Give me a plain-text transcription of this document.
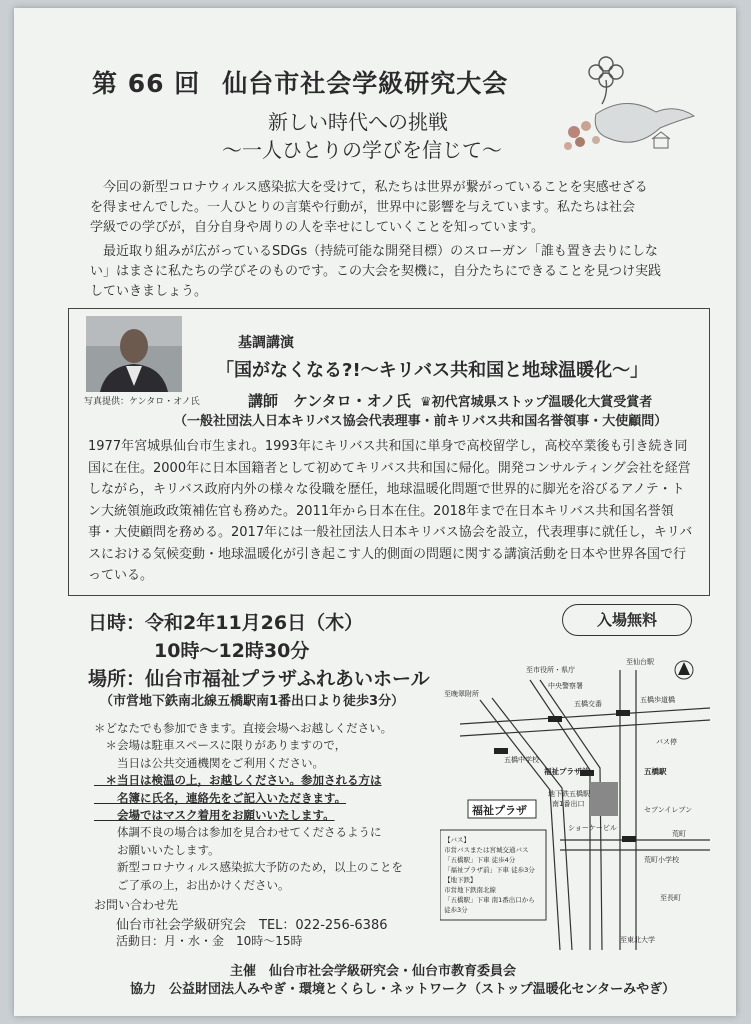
第 66 回 仙台市社会学級研究大会
新しい時代への挑戦
～一人ひとりの学びを信じて～
　今回の新型コロナウィルス感染拡大を受けて，私たちは世界が繋がっていることを実感せざる
を得ませんでした。一人ひとりの言葉や行動が，世界中に影響を与えています。私たちは社会
学級での学びが，自分自身や周りの人を幸せにしていくことを知っています。
　最近取り組みが広がっているSDGs（持続可能な開発目標）のスローガン「誰も置き去りにしな
い」はまさに私たちの学びそのものです。この大会を契機に，自分たちにできることを見つけ実践
していきましょう。
写真提供：ケンタロ・オノ氏
基調講演
「国がなくなる?!～キリバス共和国と地球温暖化～」
講師　ケンタロ・オノ氏 ♛初代宮城県ストップ温暖化大賞受賞者
（一般社団法人日本キリバス協会代表理事・前キリバス共和国名誉領事・大使顧問）
1977年宮城県仙台市生まれ。1993年にキリバス共和国に単身で高校留学し，高校卒業後も引き続き同国に在住。2000年に日本国籍者として初めてキリバス共和国に帰化。開発コンサルティング会社を経営しながら，キリバス政府内外の様々な役職を歴任，地球温暖化問題で世界的に脚光を浴びるアノテ・トン大統領施政政策補佐官も務めた。2011年から日本在住。2018年まで在日本キリバス共和国名誉領事・大使顧問を務める。2017年には一般社団法人日本キリバス協会を設立，代表理事に就任し，キリバスにおける気候変動・地球温暖化が引き起こす人的側面の問題に関する講演活動を日本や世界各国で行っている。
日時：令和2年11月26日（木）
10時～12時30分
場所：仙台市福祉プラザふれあいホール
（市営地下鉄南北線五橋駅南1番出口より徒歩3分）
入場無料
＊どなたでも参加できます。直接会場へお越しください。
　＊会場は駐車スペースに限りがありますので，
　　当日は公共交通機関をご利用ください。
　＊当日は検温の上，お越しください。参加される方は
　　名簿に氏名，連絡先をご記入いただきます。
　　会場ではマスク着用をお願いいたします。
　　体調不良の場合は参加を見合わせてくださるように
　　お願いいたします。
　　新型コロナウィルス感染拡大予防のため，以上のことを
　　ご了承の上，お出かけください。
お問い合わせ先
仙台市社会学級研究会　TEL：022-256-6386
活動日：月・水・金　10時～15時
主催　仙台市社会学級研究会・仙台市教育委員会
協力　公益財団法人みやぎ・環境とくらし・ネットワーク（ストップ温暖化センターみやぎ）
福祉プラザ
至仙台駅
至市役所・県庁
中央警察署
至晚翠附所
五橋交番	五橋歩道橋
五橋中学校
バス停
福祉プラザ前	五橋駅
地下鉄五橋駅
南1番出口
セブンイレブン
ショーケービル
荒町
荒町小学校
至長町
至東北大学
【バス】
市営バスまたは宮城交通バス
「五橋駅」下車 徒歩4分
「福祉プラザ前」下車 徒歩3分
【地下鉄】
市営地下鉄南北線
「五橋駅」下車 南1番出口から
徒歩3分
